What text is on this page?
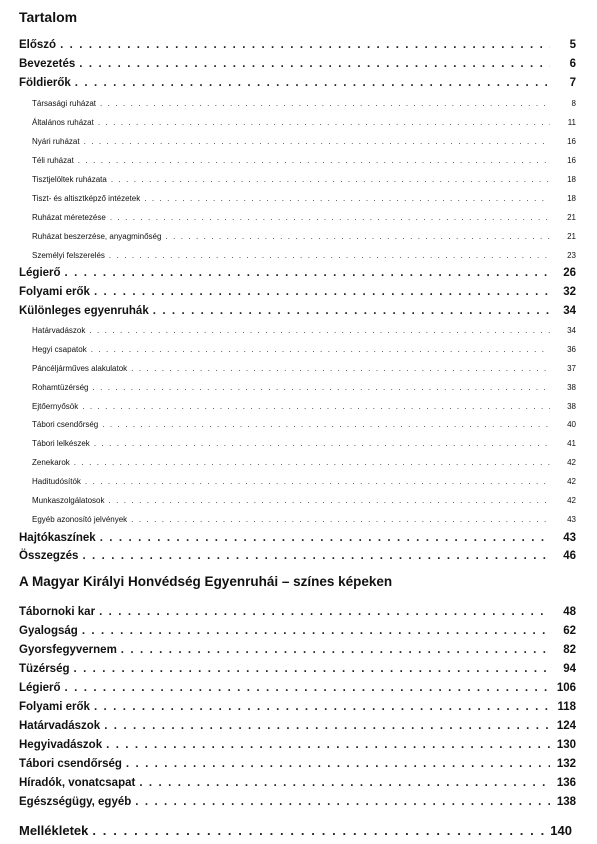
Tartalom
A Magyar Királyi Honvédség Egyenruhái – színes képeken
Előszó . . .	5
Bevezetés . . .	6
Földierők . . .	7
Társasági ruházat . . .	8
Általános ruházat . . .	11
Nyári ruházat . . .	16
Téli ruházat . . .	16
Tisztjelöltek ruházata . . .	18
Tiszt- és altisztképző intézetek . . .	18
Ruházat méretezése . . .	21
Ruházat beszerzése, anyagminőség . . .	21
Személyi felszerelés . . .	23
Légierő . . .	26
Folyami erők . . .	32
Különleges egyenruhák . . .	34
Határvadászok . . .	34
Hegyi csapatok . . .	36
Páncéljárműves alakulatok . . .	37
Rohamtüzérség . . .	38
Ejtőernyősök . . .	38
Tábori csendőrség . . .	40
Tábori lelkészek . . .	41
Zenekarok . . .	42
Haditudósítók . . .	42
Munkaszolgálatosok . . .	42
Egyéb azonosító jelvények . . .	43
Hajtókaszínek . . .	43
Összegzés . . .	46
Tábornoki kar . . .	48
Gyalogság . . .	62
Gyorsfegyvernem . . .	82
Tüzérség . . .	94
Légierő . . .	106
Folyami erők . . .	118
Határvadászok . . .	124
Hegyivadászok . . .	130
Tábori csendőrség . . .	132
Híradók, vonatcsapat . . .	136
Egészségügy, egyéb . . .	138
Mellékletek . . .	140
